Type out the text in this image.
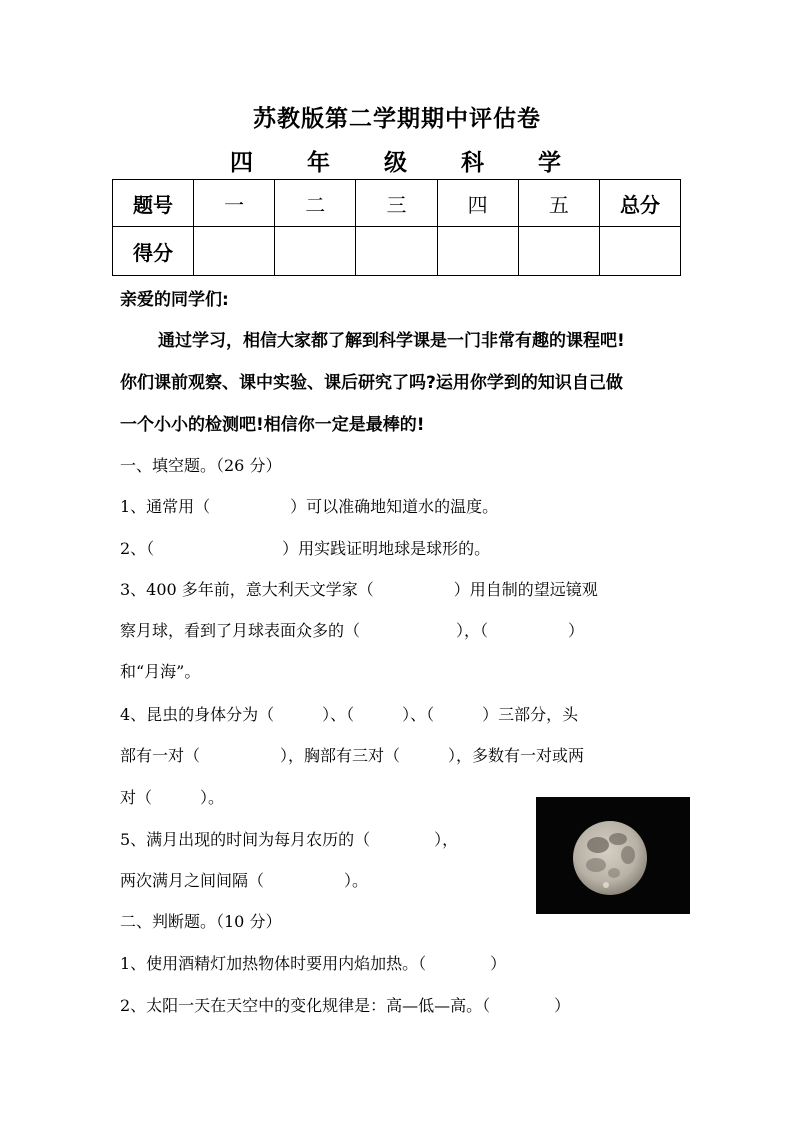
苏教版第二学期期中评估卷
四 年 级 科 学
题号	一	二	三	四	五	总分
得分						
亲爱的同学们:
通过学习，相信大家都了解到科学课是一门非常有趣的课程吧!
你们课前观察、课中实验、课后研究了吗?运用你学到的知识自己做
一个小小的检测吧!相信你一定是最棒的!
一、填空题。（26 分）
1、通常用（　　　　　）可以准确地知道水的温度。
2、（　　　　　　　　）用实践证明地球是球形的。
3、400 多年前，意大利天文学家（　　　　　）用自制的望远镜观
察月球，看到了月球表面众多的（　　　　　　），（　　　　　）
和“月海”。
4、昆虫的身体分为（　　　）、（　　　）、（　　　）三部分，头
部有一对（　　　　　），胸部有三对（　　　），多数有一对或两
对（　　　）。
5、满月出现的时间为每月农历的（　　　　），
两次满月之间间隔（　　　　　）。
二、判断题。（10 分）
1、使用酒精灯加热物体时要用内焰加热。（　　　　）
2、太阳一天在天空中的变化规律是：高—低—高。（　　　　）
